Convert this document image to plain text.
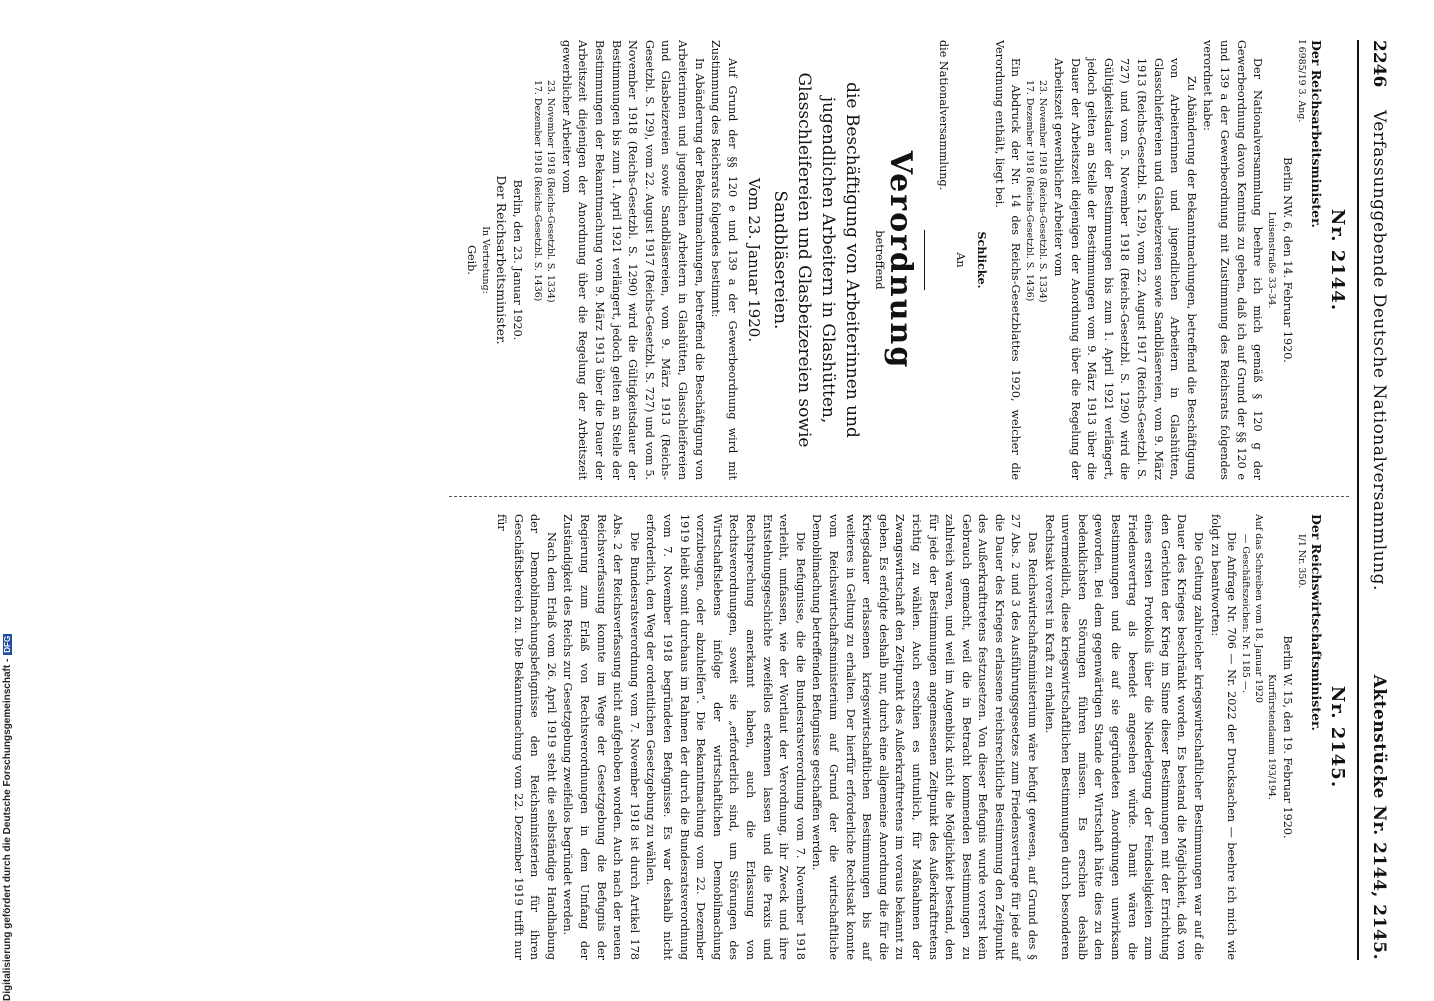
2246
Verfassunggebende Deutsche Nationalversammlung.
Aktenstücke Nr. 2144, 2145.

Nr. 2144.

Der Reichsarbeitsminister.

I 6985/19 3. Ang.

Berlin NW. 6, den 14. Februar 1920.

Luisenstraße 33–34.

Der Nationalversammlung beehre ich mich gemäß § 120 g der Gewerbeordnung davon Kenntnis zu geben, daß ich auf Grund der §§ 120 e und 139 a der Gewerbeordnung mit Zustimmung des Reichsrats folgendes verordnet habe:

Zu Abänderung der Bekanntmachungen, betreffend die Beschäftigung von Arbeiterinnen und jugendlichen Arbeitern in Glashütten, Glasschleifereien und Glasbeizereien sowie Sandbläsereien, vom 9. März 1913 (Reichs-Gesetzbl. S. 129), vom 22. August 1917 (Reichs-Gesetzbl. S. 727) und vom 5. November 1918 (Reichs-Gesetzbl. S. 1290) wird die Gültigkeitsdauer der Bestimmungen bis zum 1. April 1921 verlängert, jedoch gelten an Stelle der Bestimmungen vom 9. März 1913 über die Dauer der Arbeitszeit diejenigen der Anordnung über die Regelung der Arbeitszeit gewerblicher Arbeiter vom

23. November 1918 (Reichs-Gesetzbl. S. 1334)

17. Dezember 1918 (Reichs-Gesetzbl. S. 1436)

Ein Abdruck der Nr. 14 des Reichs-Gesetzblattes 1920, welcher die Verordnung enthält, liegt bei.

Schlicke.

An

die Nationalversammlung.

Verordnung

betreffend

die Beschäftigung von Arbeiterinnen und jugendlichen Arbeitern in Glashütten, Glasschleifereien und Glasbeizereien sowie Sandbläsereien.

Vom 23. Januar 1920.

Auf Grund der §§ 120 e und 139 a der Gewerbeordnung wird mit Zustimmung des Reichsrats folgendes bestimmt:

In Abänderung der Bekanntmachungen, betreffend die Beschäftigung von Arbeiterinnen und jugendlichen Arbeitern in Glashütten, Glasschleifereien und Glasbeizereien sowie Sandbläsereien, vom 9. März 1913 (Reichs-Gesetzbl. S. 129), vom 22. August 1917 (Reichs-Gesetzbl. S. 727) und vom 5. November 1918 (Reichs-Gesetzbl. S. 1290) wird die Gültigkeitsdauer der Bestimmungen bis zum 1. April 1921 verlängert, jedoch gelten an Stelle der Bestimmungen der Bekanntmachung vom 9. März 1913 über die Dauer der Arbeitszeit diejenigen der Anordnung über die Regelung der Arbeitszeit gewerblicher Arbeiter vom

23. November 1918 (Reichs-Gesetzbl. S. 1334)

17. Dezember 1918 (Reichs-Gesetzbl. S. 1436)

Berlin, den 23. Januar 1920.

Der Reichsarbeitsminister.

In Vertretung:

Geib.

Nr. 2145.

Der Reichswirtschaftsminister.

I/1 Nr. 350.

Berlin W. 15, den 19. Februar 1920.

Kurfürstendamm 193/194.

Auf das Schreiben vom 18. Januar 1920

— Geschäftszeichen: Nr. I 185 —.

Die Anfrage Nr. 706 — Nr. 2022 der Drucksachen — beehre ich mich wie folgt zu beantworten:

Die Geltung zahlreicher kriegswirtschaftlicher Bestimmungen war auf die Dauer des Krieges beschränkt worden. Es bestand die Möglichkeit, daß von den Gerichten der Krieg im Sinne dieser Bestimmungen mit der Errichtung eines ersten Protokolls über die Niederlegung der Feindseligkeiten zum Friedensvertrag als beendet angesehen würde. Damit wären die Bestimmungen und die auf sie gegründeten Anordnungen unwirksam geworden. Bei dem gegenwärtigen Stande der Wirtschaft hätte dies zu den bedenklichsten Störungen führen müssen. Es erschien deshalb unvermeidlich, diese kriegswirtschaftlichen Bestimmungen durch besonderen Rechtsakt vorerst in Kraft zu erhalten.

Das Reichswirtschaftsministerium wäre befugt gewesen, auf Grund des § 27 Abs. 2 und 3 des Ausführungsgesetzes zum Friedensvertrage für jede auf die Dauer des Krieges erlassene reichsrechtliche Bestimmung den Zeitpunkt des Außerkrafttretens festzusetzen. Von dieser Befugnis wurde vorerst kein Gebrauch gemacht, weil die in Betracht kommenden Bestimmungen zu zahlreich waren, und weil im Augenblick nicht die Möglichkeit bestand, den für jede der Bestimmungen angemessenen Zeitpunkt des Außerkrafttretens richtig zu wählen. Auch erschien es untunlich, für Maßnahmen der Zwangswirtschaft den Zeitpunkt des Außerkrafttretens im voraus bekannt zu geben. Es erfolgte deshalb nur, durch eine allgemeine Anordnung die für die Kriegsdauer erlassenen kriegswirtschaftlichen Bestimmungen bis auf weiteres in Geltung zu erhalten. Der hierfür erforderliche Rechtsakt konnte vom Reichswirtschaftsministerium auf Grund der die wirtschaftliche Demobilmachung betreffenden Befugnisse geschaffen werden.

Die Befugnisse, die die Bundesratsverordnung vom 7. November 1918 verleiht, umfassen, wie der Wortlaut der Verordnung, ihr Zweck und ihre Entstehungsgeschichte zweifellos erkennen lassen und die Praxis und Rechtsprechung anerkannt haben, auch die Erlassung von Rechtsverordnungen, soweit sie „erforderlich sind, um Störungen des Wirtschaftslebens infolge der wirtschaftlichen Demobilmachung vorzubeugen, oder abzuhelfen“. Die Bekanntmachung vom 22. Dezember 1919 bleibt somit durchaus im Rahmen der durch die Bundesratsverordnung vom 7. November 1918 begründeten Befugnisse. Es war deshalb nicht erforderlich, den Weg der ordentlichen Gesetzgebung zu wählen.

Die Bundesratsverordnung vom 7. November 1918 ist durch Artikel 178 Abs. 2 der Reichsverfassung nicht aufgehoben worden. Auch nach der neuen Reichsverfassung konnte im Wege der Gesetzgebung die Befugnis der Regierung zum Erlaß von Rechtsverordnungen in dem Umfang der Zuständigkeit des Reichs zur Gesetzgebung zweifellos begründet werden.

Nach dem Erlaß vom 26. April 1919 steht die selbständige Handhabung der Demobilmachungsbefugnisse den Reichsministerien für ihren Geschäftsbereich zu. Die Bekanntmachung vom 22. Dezember 1919 trifft nur für

Digitalisierung gefördert durch die Deutsche Forschungsgemeinschaft -DFG
